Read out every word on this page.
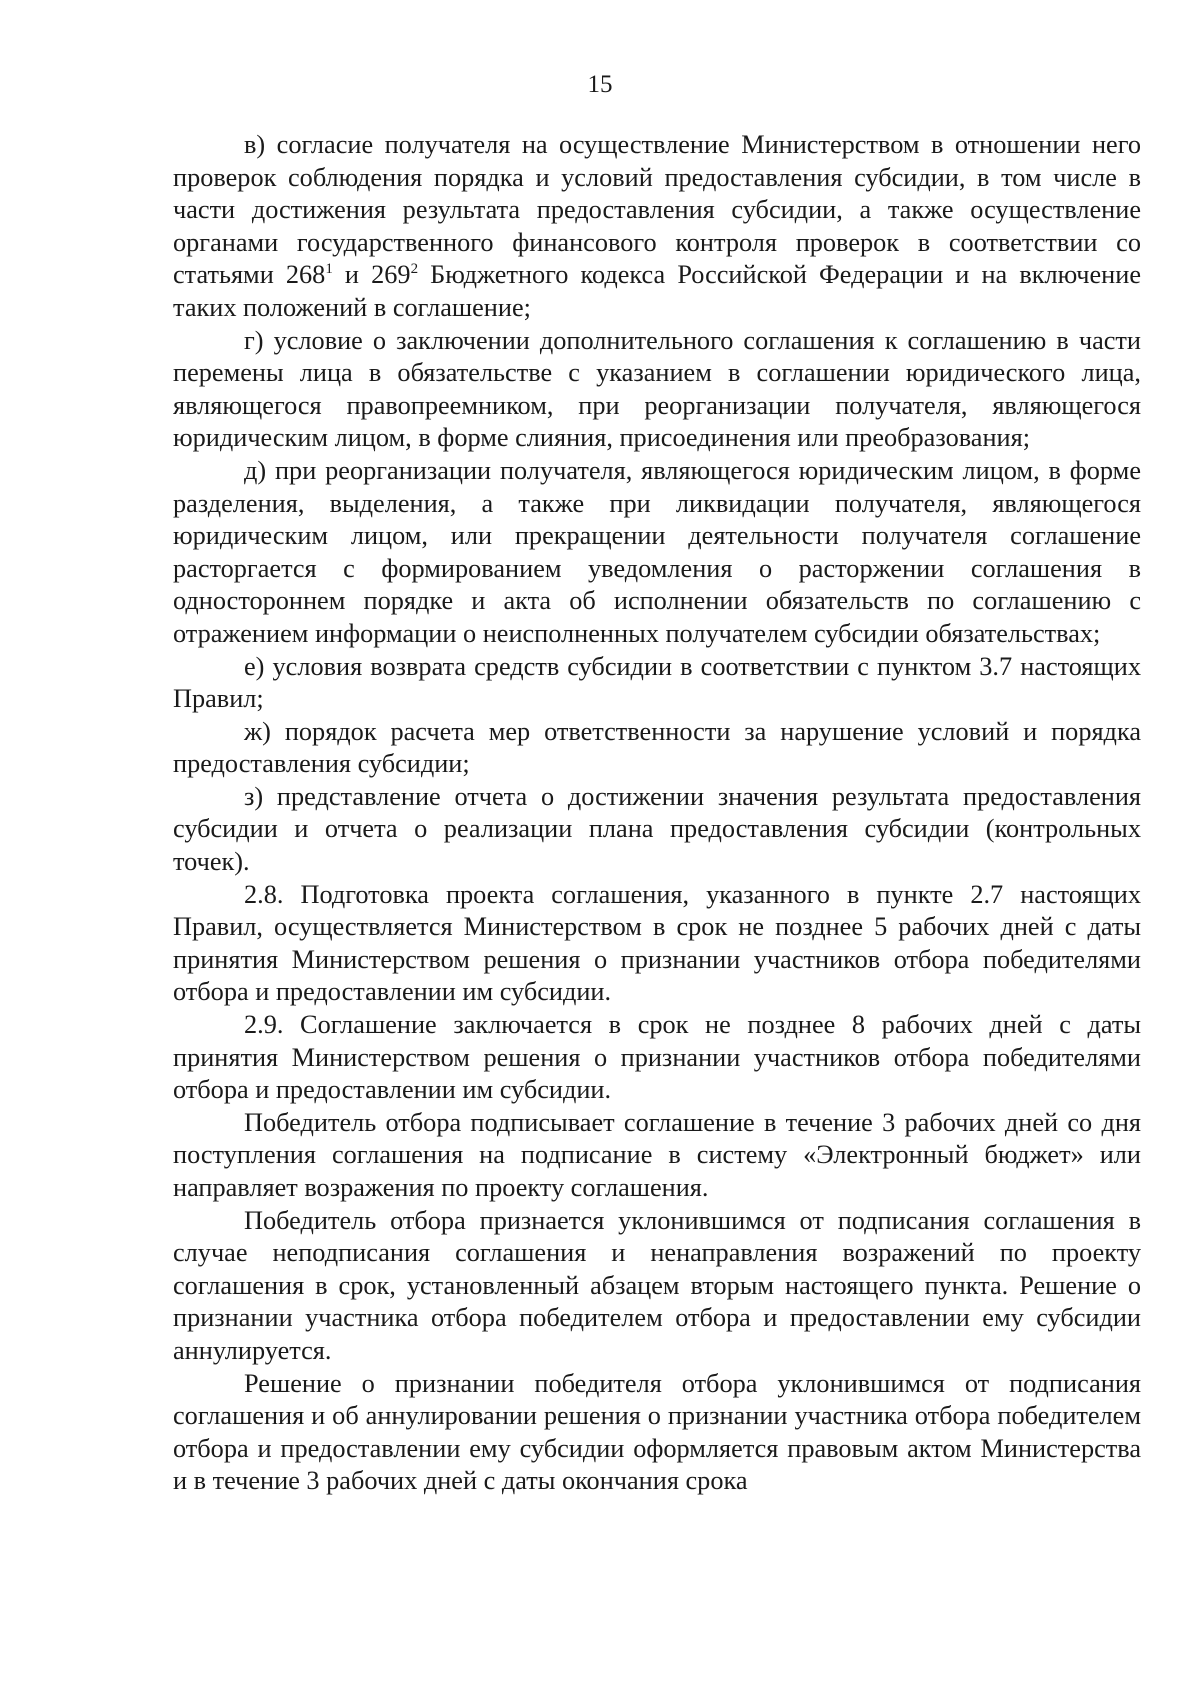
15

в) согласие получателя на осуществление Министерством в отношении него проверок соблюдения порядка и условий предоставления субсидии, в том числе в части достижения результата предоставления субсидии, а также осуществление органами государственного финансового контроля проверок в соответствии со статьями $268^1$ и $269^2$ Бюджетного кодекса Российской Федерации и на включение таких положений в соглашение;

г) условие о заключении дополнительного соглашения к соглашению в части перемены лица в обязательстве с указанием в соглашении юридического лица, являющегося правопреемником, при реорганизации получателя, являющегося юридическим лицом, в форме слияния, присоединения или преобразования;

д) при реорганизации получателя, являющегося юридическим лицом, в форме разделения, выделения, а также при ликвидации получателя, являющегося юридическим лицом, или прекращении деятельности получателя соглашение расторгается с формированием уведомления о расторжении соглашения в одностороннем порядке и акта об исполнении обязательств по соглашению с отражением информации о неисполненных получателем субсидии обязательствах;

е) условия возврата средств субсидии в соответствии с пунктом 3.7 настоящих Правил;

ж) порядок расчета мер ответственности за нарушение условий и порядка предоставления субсидии;

з) представление отчета о достижении значения результата предоставления субсидии и отчета о реализации плана предоставления субсидии (контрольных точек).

2.8. Подготовка проекта соглашения, указанного в пункте 2.7 настоящих Правил, осуществляется Министерством в срок не позднее 5 рабочих дней с даты принятия Министерством решения о признании участников отбора победителями отбора и предоставлении им субсидии.

2.9. Соглашение заключается в срок не позднее 8 рабочих дней с даты принятия Министерством решения о признании участников отбора победителями отбора и предоставлении им субсидии.

Победитель отбора подписывает соглашение в течение 3 рабочих дней со дня поступления соглашения на подписание в систему «Электронный бюджет» или направляет возражения по проекту соглашения.

Победитель отбора признается уклонившимся от подписания соглашения в случае неподписания соглашения и ненаправления возражений по проекту соглашения в срок, установленный абзацем вторым настоящего пункта. Решение о признании участника отбора победителем отбора и предоставлении ему субсидии аннулируется.

Решение о признании победителя отбора уклонившимся от подписания соглашения и об аннулировании решения о признании участника отбора победителем отбора и предоставлении ему субсидии оформляется правовым актом Министерства и в течение 3 рабочих дней с даты окончания срока
